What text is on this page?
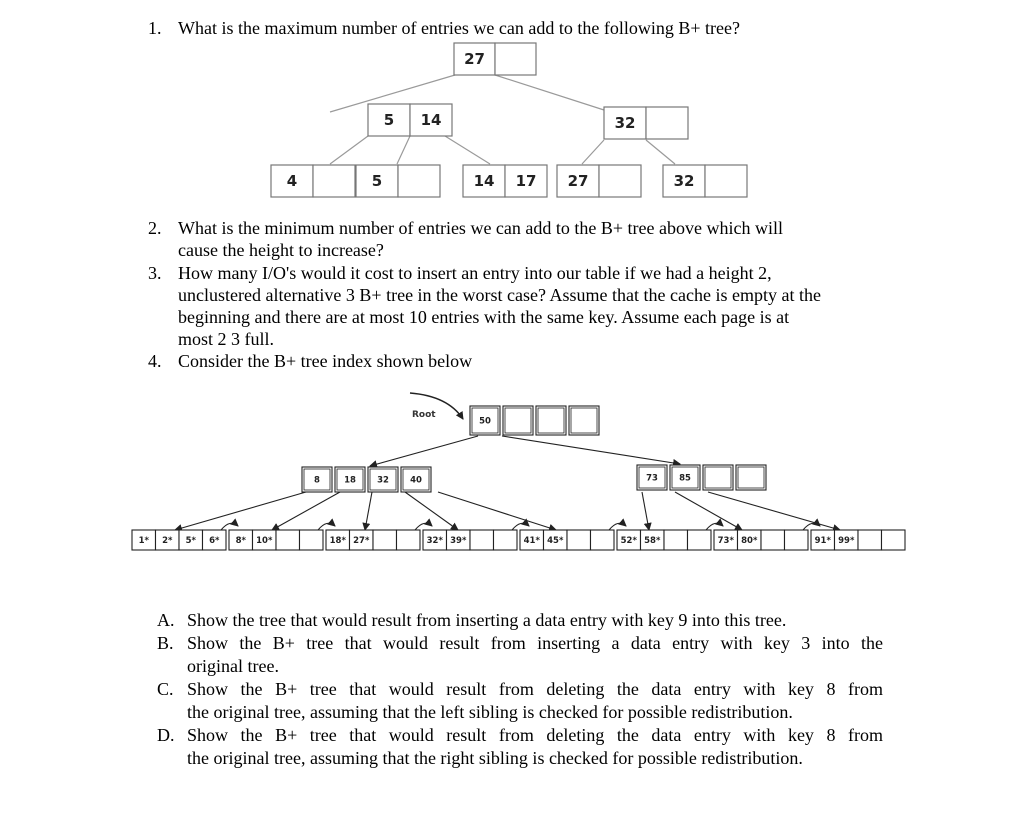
1. What is the maximum number of entries we can add to the following B+ tree?
27
5 14	32
4	5	14 17 27	32
2. What is the minimum number of entries we can add to the B+ tree above which will
cause the height to increase?
3. How many I/O's would it cost to insert an entry into our table if we had a height 2,
unclustered alternative 3 B+ tree in the worst case? Assume that the cache is empty at the
beginning and there are at most 10 entries with the same key. Assume each page is at
most 2 3 full.
4. Consider the B+ tree index shown below
Root
50
8	18 32 40	73 85
1* 2* 5* 6* 8* 10*	18* 27*	32* 39*	41* 45*	52* 58*	73* 80*	91* 99*
A. Show the tree that would result from inserting a data entry with key 9 into this tree.
B. Show the B+ tree that would result from inserting a data entry with key 3 into the
original tree.
C. Show the B+ tree that would result from deleting the data entry with key 8 from
the original tree, assuming that the left sibling is checked for possible redistribution.
D. Show the B+ tree that would result from deleting the data entry with key 8 from
the original tree, assuming that the right sibling is checked for possible redistribution.
